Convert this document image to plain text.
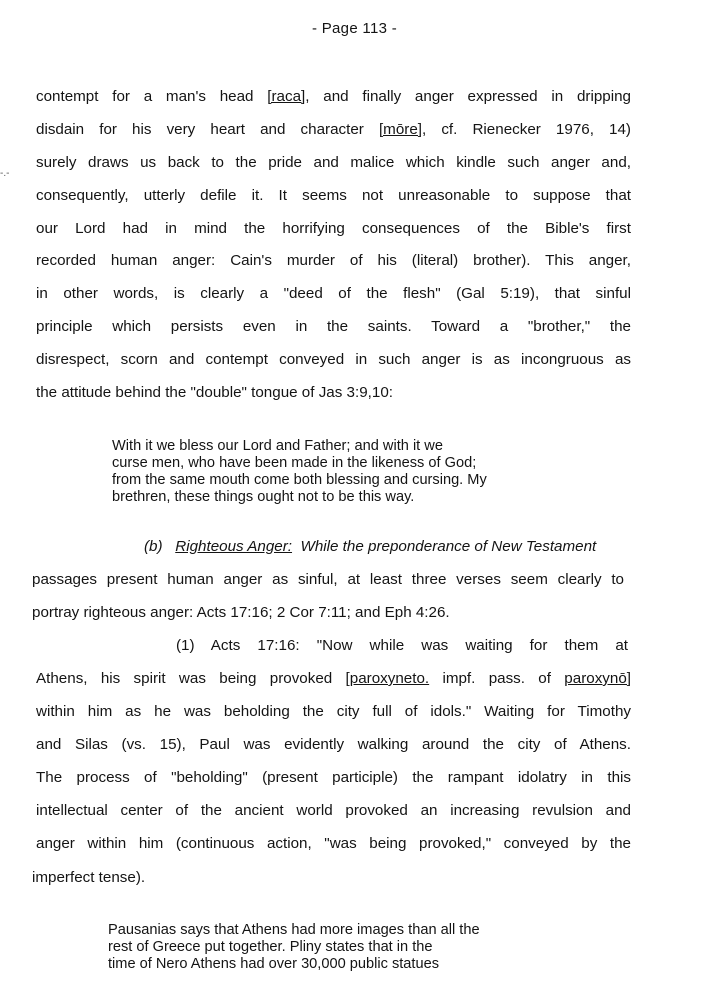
- Page 113 -
-.-
contempt for a man's head [raca], and finally anger expressed in dripping
disdain for his very heart and character [mōre], cf. Rienecker 1976, 14)
surely draws us back to the pride and malice which kindle such anger and,
consequently, utterly defile it. It seems not unreasonable to suppose that
our Lord had in mind the horrifying consequences of the Bible's first
recorded human anger: Cain's murder of his (literal) brother). This anger,
in other words, is clearly a "deed of the flesh" (Gal 5:19), that sinful
principle which persists even in the saints. Toward a "brother," the
disrespect, scorn and contempt conveyed in such anger is as incongruous as
the attitude behind the "double" tongue of Jas 3:9,10:
With it we bless our Lord and Father; and with it we
curse men, who have been made in the likeness of God;
from the same mouth come both blessing and cursing. My
brethren, these things ought not to be this way.
(b) Righteous Anger: While the preponderance of New Testament
passages present human anger as sinful, at least three verses seem clearly to
portray righteous anger: Acts 17:16; 2 Cor 7:11; and Eph 4:26.
(1) Acts 17:16: "Now while was waiting for them at
Athens, his spirit was being provoked [paroxyneto. impf. pass. of paroxynō]
within him as he was beholding the city full of idols." Waiting for Timothy
and Silas (vs. 15), Paul was evidently walking around the city of Athens.
The process of "beholding" (present participle) the rampant idolatry in this
intellectual center of the ancient world provoked an increasing revulsion and
anger within him (continuous action, "was being provoked," conveyed by the
imperfect tense).
Pausanias says that Athens had more images than all the
rest of Greece put together. Pliny states that in the
time of Nero Athens had over 30,000 public statues
